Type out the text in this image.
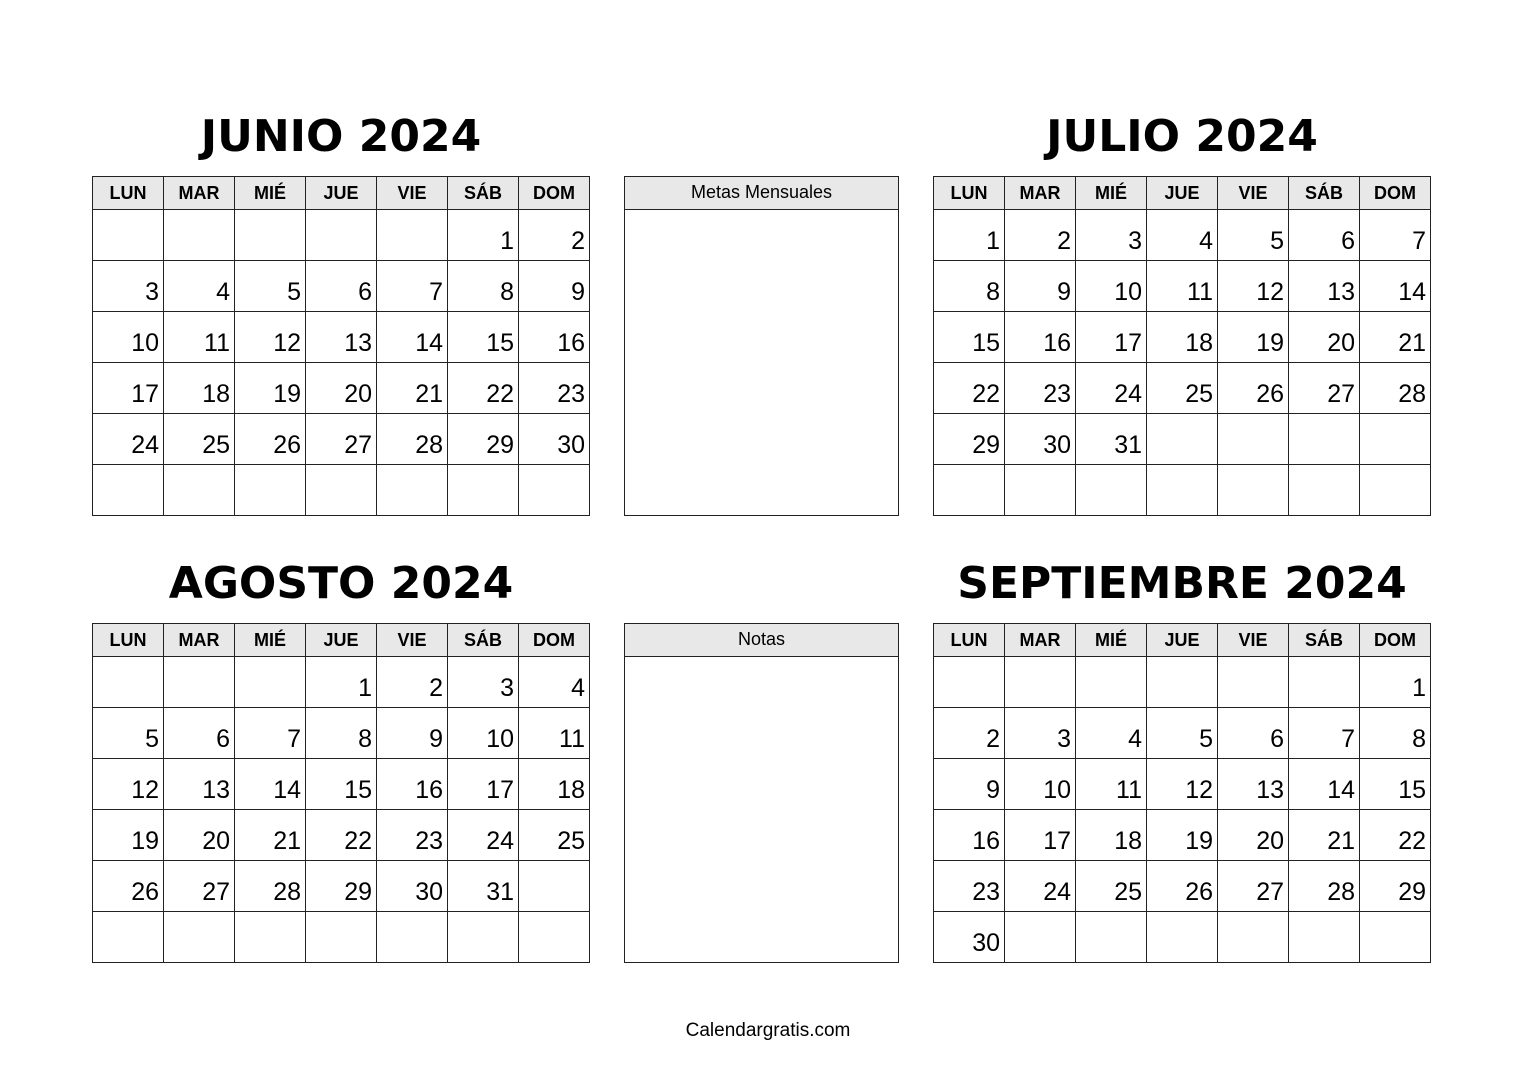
JUNIO 2024	JULIO 2024
AGOSTO 2024	SEPTIEMBRE 2024
LUN	MAR	MIÉ	JUE	VIE	SÁB	DOM
					1	2
3	4	5	6	7	8	9
10	11	12	13	14	15	16
17	18	19	20	21	22	23
24	25	26	27	28	29	30

LUN	MAR	MIÉ	JUE	VIE	SÁB	DOM
1	2	3	4	5	6	7
8	9	10	11	12	13	14
15	16	17	18	19	20	21
22	23	24	25	26	27	28
29	30	31				

LUN	MAR	MIÉ	JUE	VIE	SÁB	DOM
			1	2	3	4
5	6	7	8	9	10	11
12	13	14	15	16	17	18
19	20	21	22	23	24	25
26	27	28	29	30	31	

LUN	MAR	MIÉ	JUE	VIE	SÁB	DOM
						1
2	3	4	5	6	7	8
9	10	11	12	13	14	15
16	17	18	19	20	21	22
23	24	25	26	27	28	29
30						
Metas Mensuales
Notas
Calendargratis.com
